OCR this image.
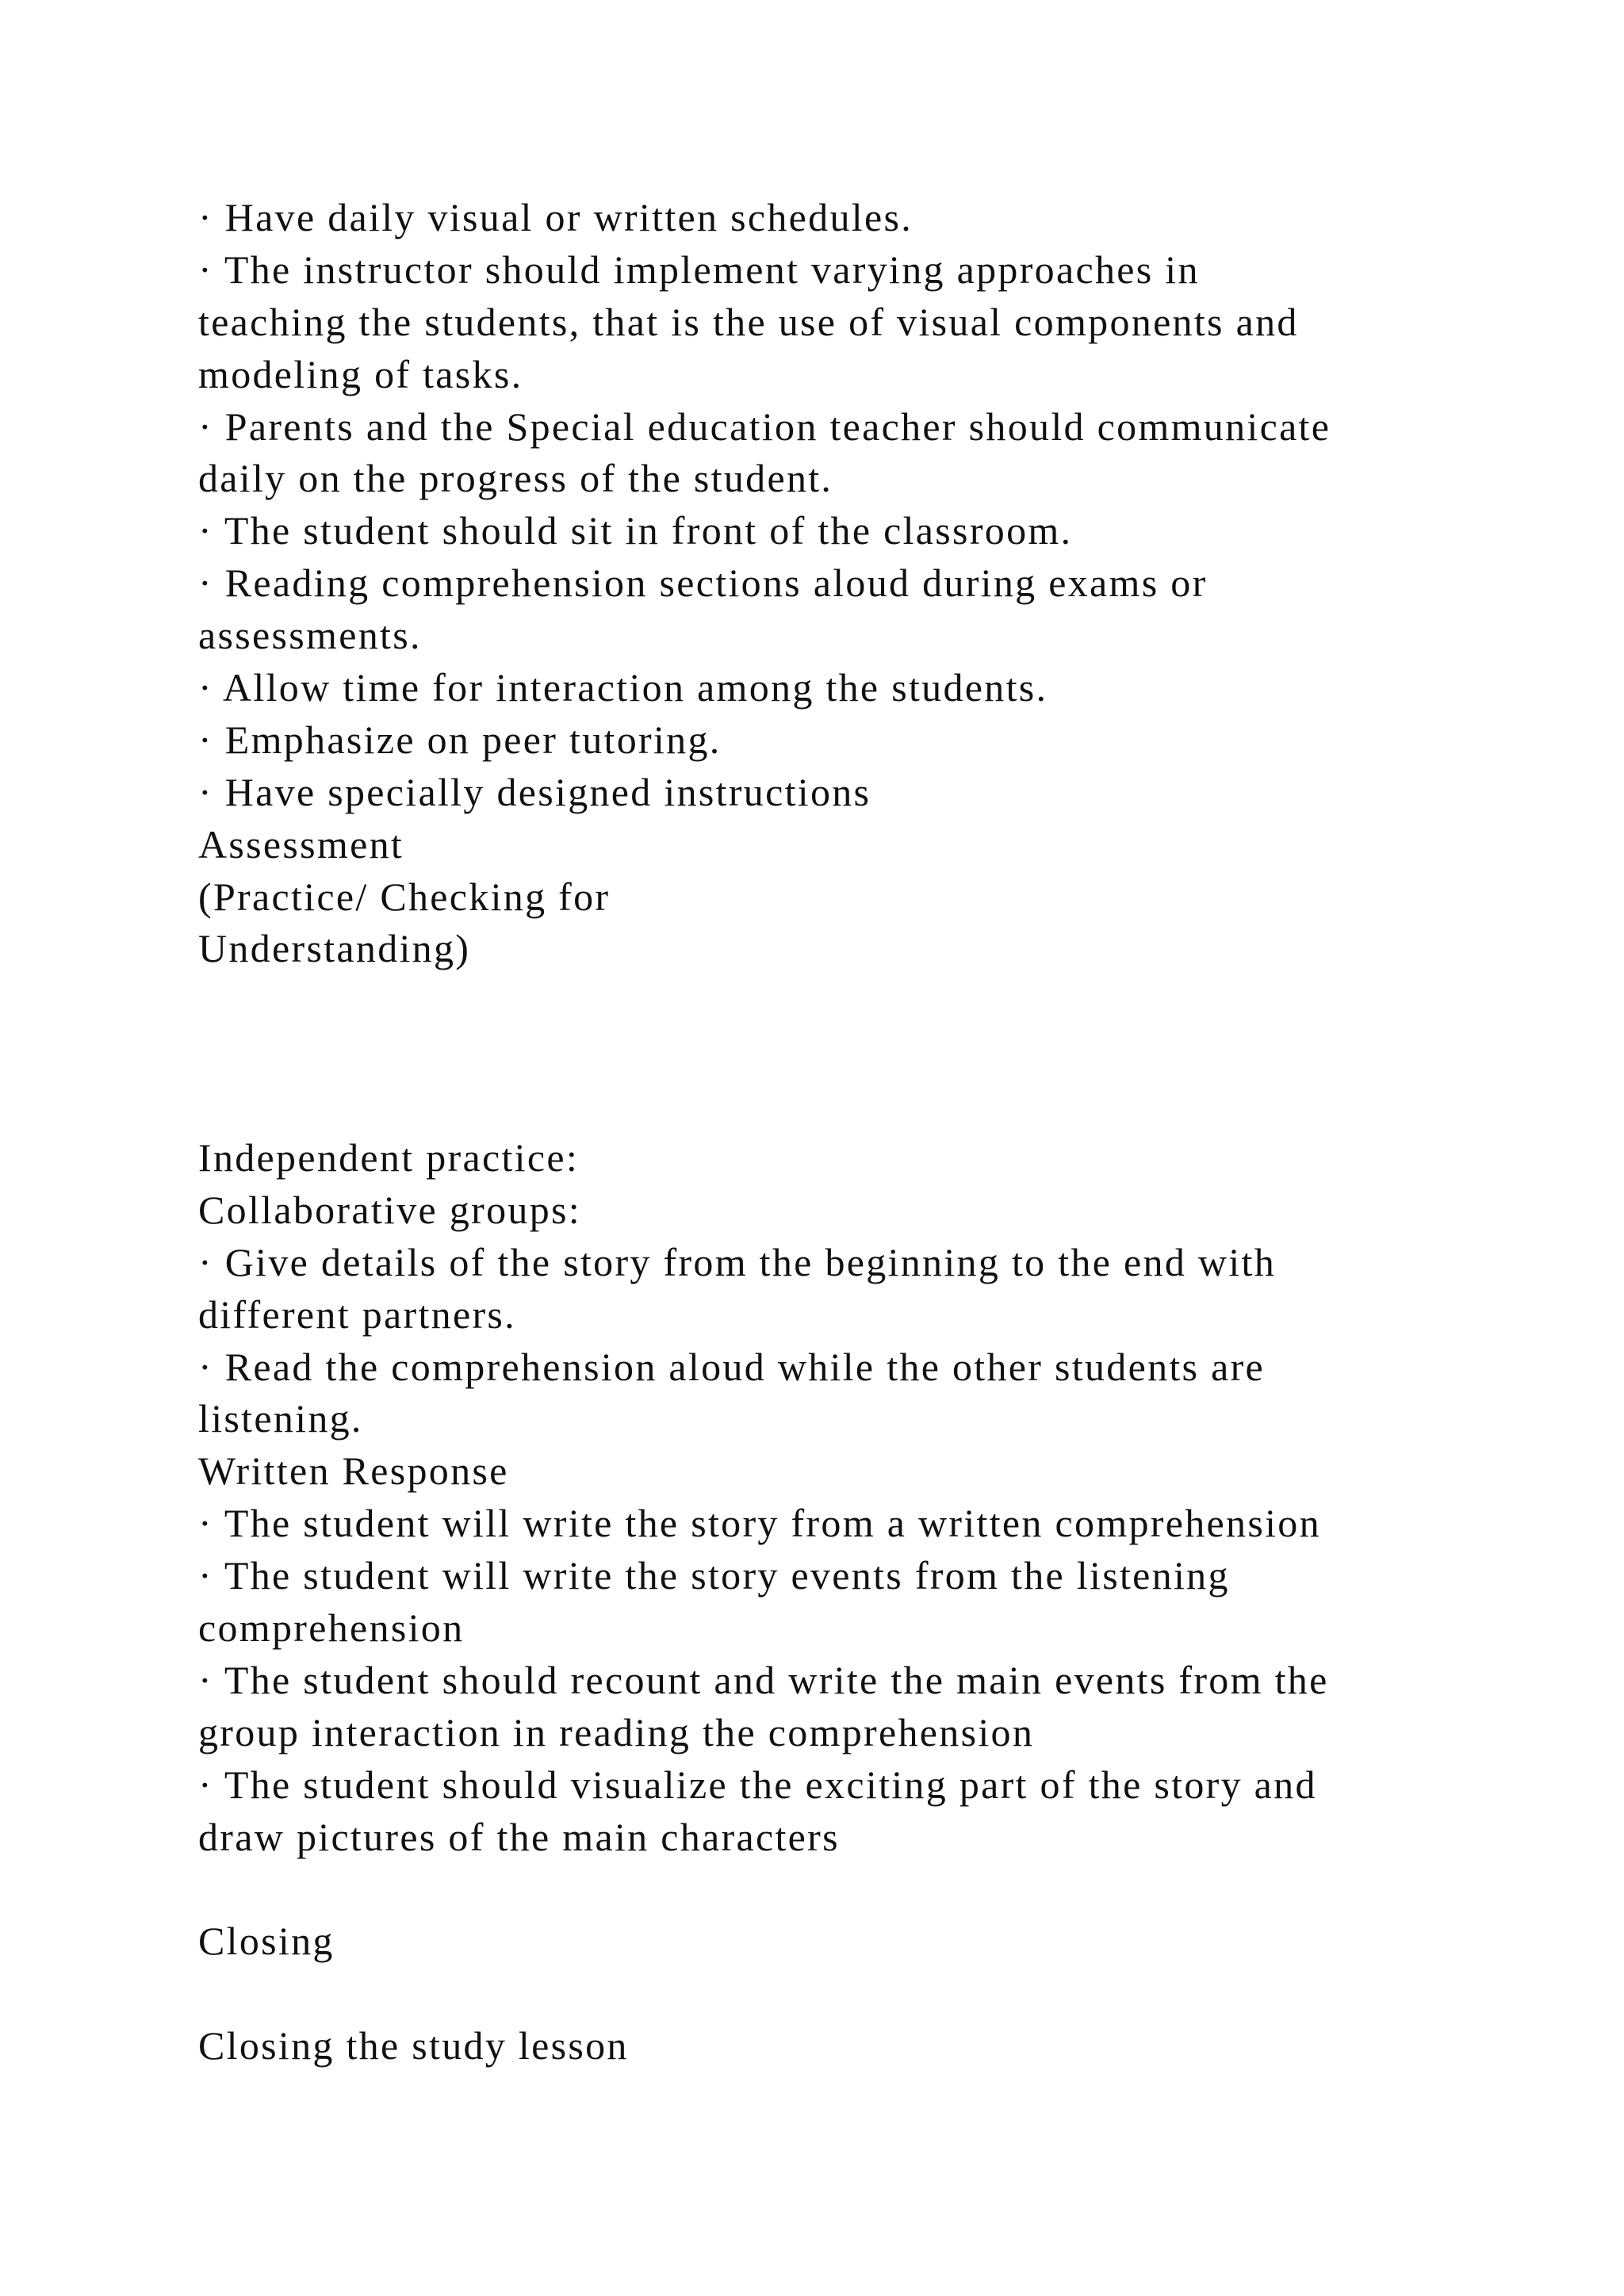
· Have daily visual or written schedules.
· The instructor should implement varying approaches in
teaching the students, that is the use of visual components and
modeling of tasks.
· Parents and the Special education teacher should communicate
daily on the progress of the student.
· The student should sit in front of the classroom.
· Reading comprehension sections aloud during exams or
assessments.
· Allow time for interaction among the students.
· Emphasize on peer tutoring.
· Have specially designed instructions
Assessment
(Practice/ Checking for
Understanding)
Independent practice:
Collaborative groups:
· Give details of the story from the beginning to the end with
different partners.
· Read the comprehension aloud while the other students are
listening.
Written Response
· The student will write the story from a written comprehension
· The student will write the story events from the listening
comprehension
· The student should recount and write the main events from the
group interaction in reading the comprehension
· The student should visualize the exciting part of the story and
draw pictures of the main characters
Closing
Closing the study lesson
